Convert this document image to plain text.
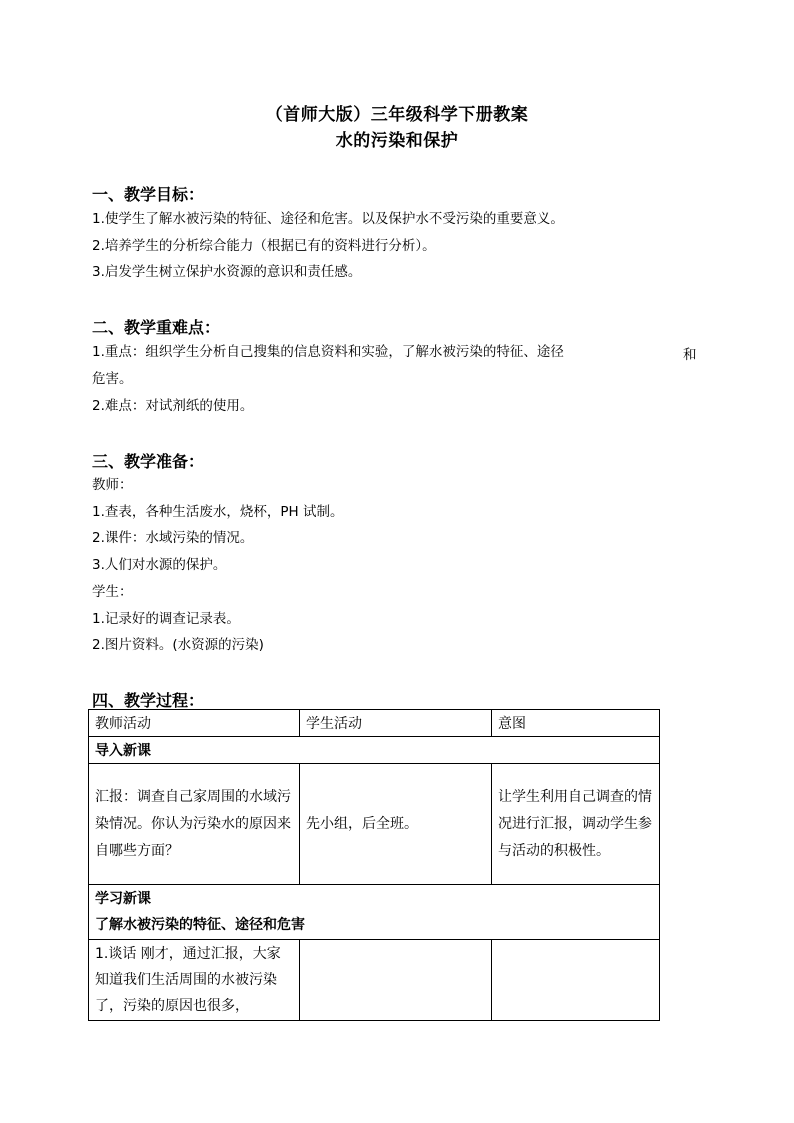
（首师大版）三年级科学下册教案
水的污染和保护
一、教学目标：
1.使学生了解水被污染的特征、途径和危害。以及保护水不受污染的重要意义。
2.培养学生的分析综合能力（根据已有的资料进行分析）。
3.启发学生树立保护水资源的意识和责任感。
二、教学重难点：
1.重点：组织学生分析自己搜集的信息资料和实验，了解水被污染的特征、途径	和
危害。
2.难点：对试剂纸的使用。
三、教学准备：
教师：
1.查表，各种生活废水，烧杯，PH 试制。
2.课件：水域污染的情况。
3.人们对水源的保护。
学生：
1.记录好的调查记录表。
2.图片资料。(水资源的污染)
四、教学过程：
教师活动	学生活动	意图
导入新课		
汇报：调查自己家周围的水域污染情况。你认为污染水的原因来自哪些方面？	先小组，后全班。	让学生利用自己调查的情况进行汇报，调动学生参与活动的积极性。

学习新课
了解水被污染的特征、途径和危害		

1.谈话 刚才，通过汇报，大家知道我们生活周围的水被污染了，污染的原因也很多，		
